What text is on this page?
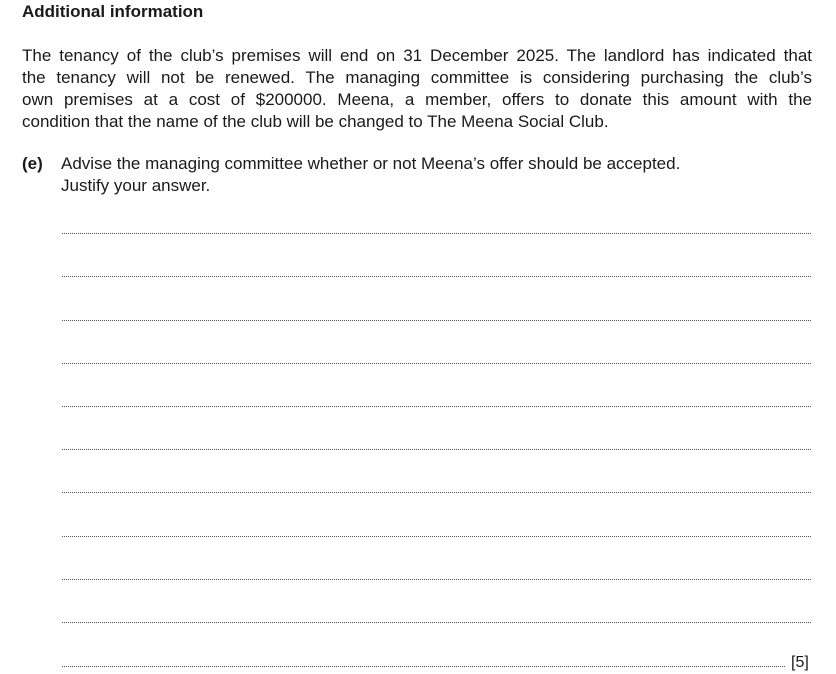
Additional information
The tenancy of the club’s premises will end on 31 December 2025. The landlord has indicated that
the tenancy will not be renewed. The managing committee is considering purchasing the club’s
own premises at a cost of $200000. Meena, a member, offers to donate this amount with the
condition that the name of the club will be changed to The Meena Social Club.
(e) Advise the managing committee whether or not Meena’s offer should be accepted.
Justify your answer.
[5]
